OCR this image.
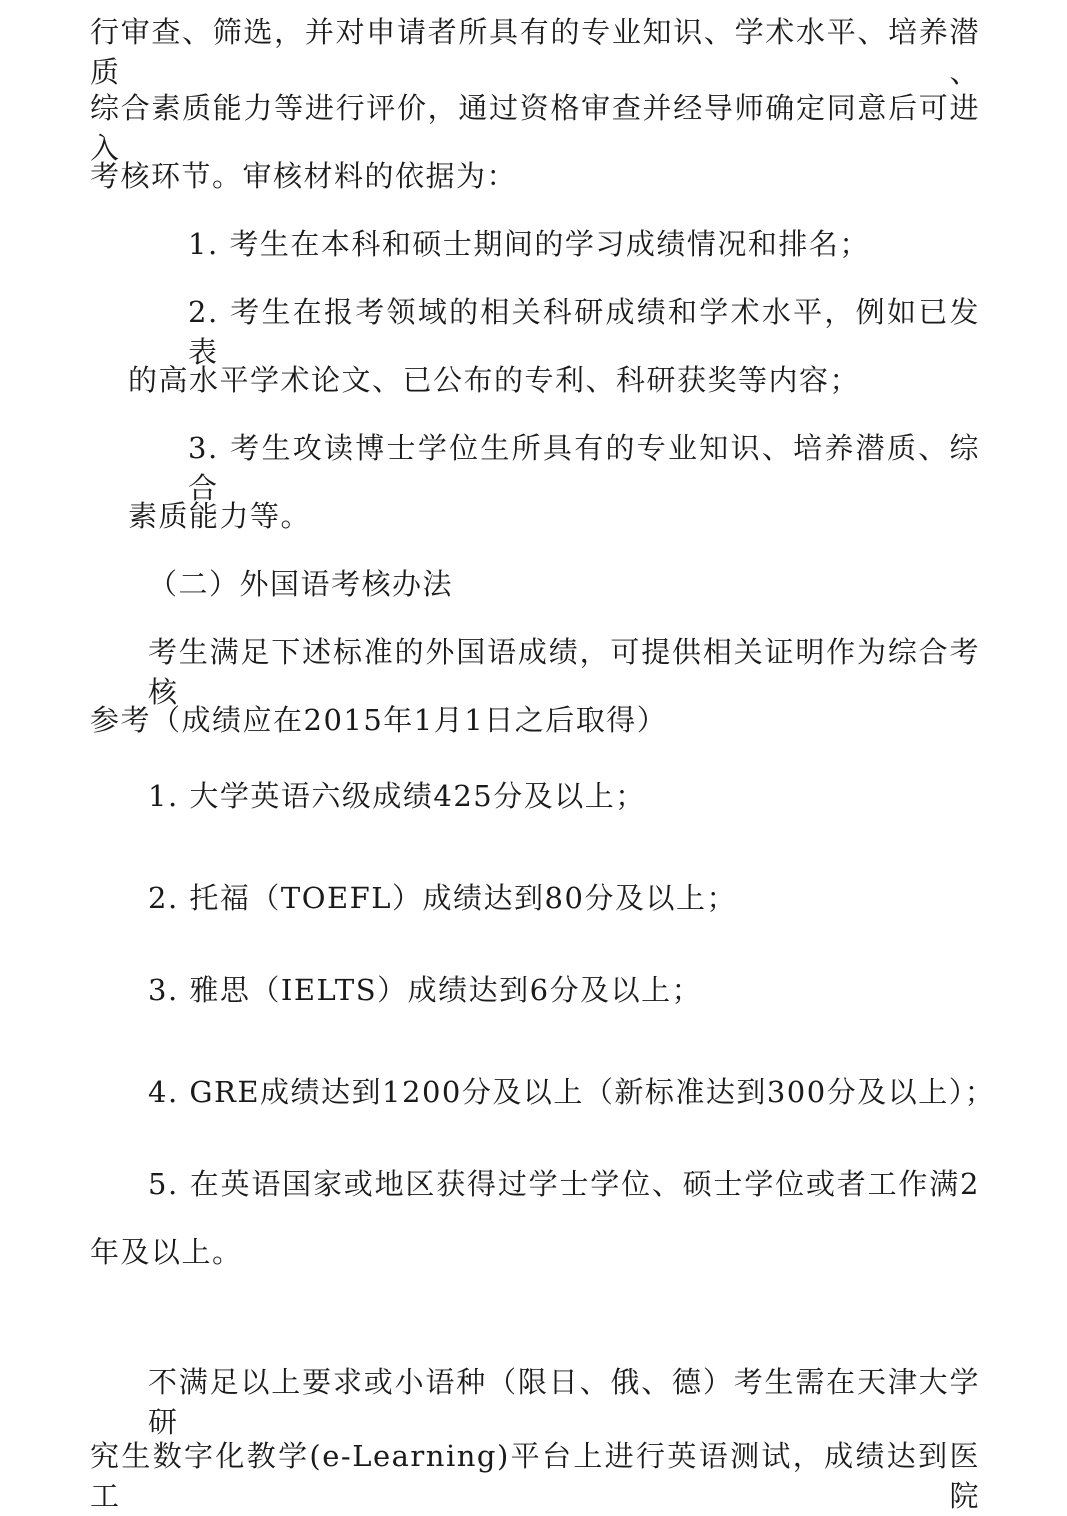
行审查、筛选，并对申请者所具有的专业知识、学术水平、培养潜质、
综合素质能力等进行评价，通过资格审查并经导师确定同意后可进入
考核环节。审核材料的依据为：
1. 考生在本科和硕士期间的学习成绩情况和排名；
2. 考生在报考领域的相关科研成绩和学术水平，例如已发表
的高水平学术论文、已公布的专利、科研获奖等内容；
3. 考生攻读博士学位生所具有的专业知识、培养潜质、综合
素质能力等。
（二）外国语考核办法
考生满足下述标准的外国语成绩，可提供相关证明作为综合考核
参考（成绩应在2015年1月1日之后取得）
1. 大学英语六级成绩425分及以上；
2. 托福（TOEFL）成绩达到80分及以上；
3. 雅思（IELTS）成绩达到6分及以上；
4. GRE成绩达到1200分及以上（新标准达到300分及以上）；
5. 在英语国家或地区获得过学士学位、硕士学位或者工作满2
年及以上。
不满足以上要求或小语种（限日、俄、德）考生需在天津大学研
究生数字化教学(e-Learning)平台上进行英语测试，成绩达到医工院
